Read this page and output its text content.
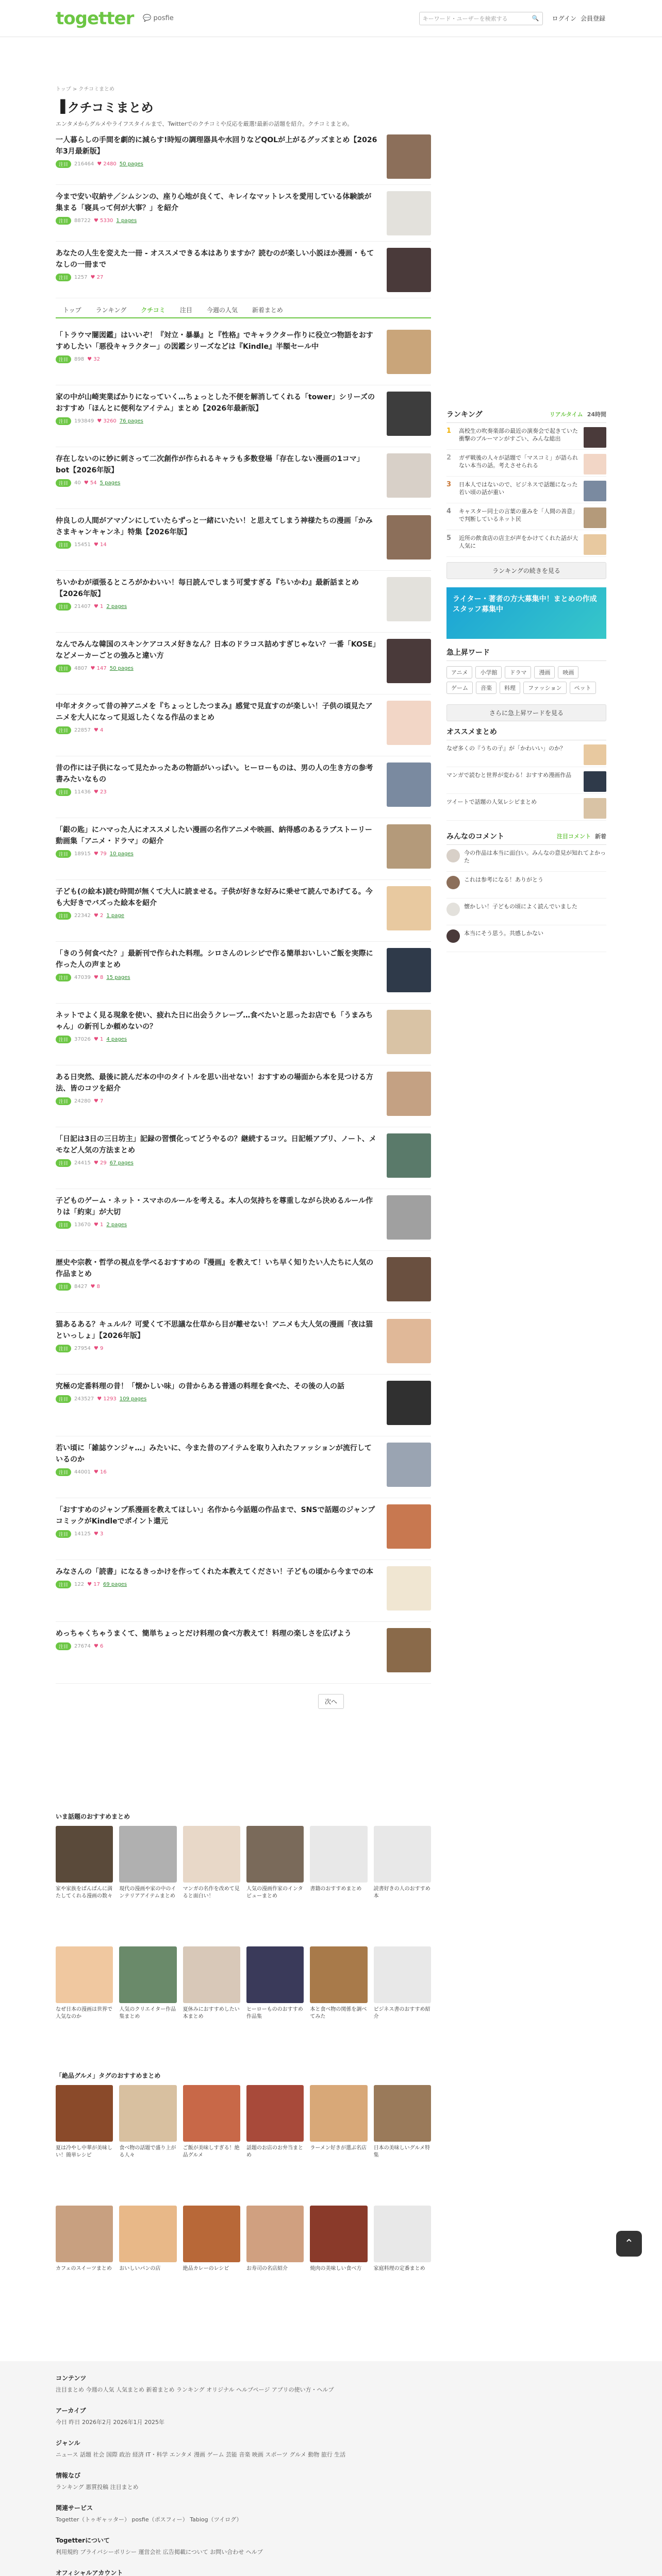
togetter 💬 posfie	キーワード・ユーザーを検索する	🔍 ログイン 会員登録
トップ > クチコミまとめ
▐ クチコミまとめ
エンタメからグルメやライフスタイルまで、Twitterでのクチコミや反応を厳選!最新の話題を紹介。クチコミまとめ。
一人暮らしの手間を劇的に減らす!時短の調理器具や水回りなどQOLが上がるグッズまとめ【2026年3月最新版】
注目	216464 ♥ 2480 50 pages
今まで安い収納サ／シムシンの、座り心地が良くて、キレイなマットレスを愛用している体験談が集まる「寝具って何が大事？」を紹介
注目	88722 ♥ 5330 1 pages
あなたの人生を変えた一冊 - オススメできる本はありますか？読むのが楽しい小説ほか漫画・もてなしの一冊まで
注目	1257 ♥ 27
トップ	ランキング	クチコミ	注目	今週の人気	新着まとめ
「トラウマ闇図鑑」はいいぞ！『対立・暴暴』と『性格』でキャラクター作りに役立つ物語をおすすめしたい「悪役キャラクター」の図鑑シリーズなどは『Kindle』半額セール中
注目	898 ♥ 32
家の中が山崎実業ばかりになっていく…ちょっとした不便を解消してくれる「tower」シリーズのおすすめ「ほんとに便利なアイテム」まとめ【2026年最新版】
注目	193849 ♥ 3260 76 pages
存在しないのに妙に刺さって二次創作が作られるキャラも多数登場「存在しない漫画の1コマ」bot【2026年版】
注目	40 ♥ 54 5 pages
仲良しの人間がアマゾンにしていたらずっと一緒にいたい！と思えてしまう神様たちの漫画「かみさまキャンキャンネ」特集【2026年版】
注目	15451 ♥ 14
ちいかわが頑張るところがかわいい！毎日読んでしまう可愛すぎる『ちいかわ』最新話まとめ【2026年版】
注目	21407 ♥ 1 2 pages
なんでみんな韓国のスキンケアコスメ好きなん？日本のドラコス詰めすぎじゃない？一番「KOSE」などメーカーごとの強みと違い方
注目	4807 ♥ 147 50 pages
中年オタクって昔の神アニメを『ちょっとしたつまみ』感覚で見直すのが楽しい！子供の頃見たアニメを大人になって見返したくなる作品のまとめ
注目	22857 ♥ 4
昔の作には子供になって見たかったあの物語がいっぱい。ヒーローものは、男の人の生き方の参考書みたいなもの
注目	11436 ♥ 23
「銀の匙」にハマった人にオススメしたい漫画の名作アニメや映画、納得感のあるラブストーリー動画集「アニメ・ドラマ」の紹介
注目	18915 ♥ 79 10 pages
子ども(の絵本)読む時間が無くて大人に読ませる。子供が好きな好みに乗せて読んであげてる。今も大好きでバズった絵本を紹介
注目	22342 ♥ 2 1 page
「きのう何食べた？」最新刊で作られた料理。シロさんのレシピで作る簡単おいしいご飯を実際に作った人の声まとめ
注目	47039 ♥ 8 15 pages
ネットでよく見る現象を使い、疲れた日に出会うクレープ…食べたいと思ったお店でも「うまみちゃん」の新刊しか頼めないの？
注目	37026 ♥ 1 4 pages
ある日突然、最後に読んだ本の中のタイトルを思い出せない！おすすめの場面から本を見つける方法、皆のコツを紹介
注目	24280 ♥ 7
「日記は3日の三日坊主」記録の習慣化ってどうやるの？継続するコツ。日記帳アプリ、ノート、メモなど人気の方法まとめ
注目	24415 ♥ 29 67 pages
子どものゲーム・ネット・スマホのルールを考える。本人の気持ちを尊重しながら決めるルール作りは「約束」が大切
注目	13670 ♥ 1 2 pages
歴史や宗教・哲学の視点を学べるおすすめの『漫画』を教えて！いち早く知りたい人たちに人気の作品まとめ
注目	8427 ♥ 8
猫あるある？キュルル？可愛くて不思議な仕草から目が離せない！アニメも大人気の漫画「夜は猫といっしょ」【2026年版】
注目	27954 ♥ 9
究極の定番料理の昔！「懐かしい味」の昔からある普通の料理を食べた、その後の人の話
注目	243527 ♥ 1293 109 pages
若い頃に「雑誌ウンジャ…」みたいに、今また昔のアイテムを取り入れたファッションが流行しているのか
注目	44001 ♥ 16
「おすすめのジャンプ系漫画を教えてほしい」名作から今話題の作品まで、SNSで話題のジャンプコミックがKindleでポイント還元
注目	14125 ♥ 3
みなさんの「読書」になるきっかけを作ってくれた本教えてください！子どもの頃から今までの本
注目	122 ♥ 17 69 pages
めっちゃくちゃうまくて、簡単ちょっとだけ料理の食べ方教えて！料理の楽しさを広げよう
注目	27674 ♥ 6
次へ
ランキング	リアルタイム 24時間
1	高校生の吹奏楽部の最近の演奏会で起きていた衝撃のブルーマンがすごい、みんな総出
2	ガザ戦後の人々が話題で「マスコミ」が語られない本当の話。考えさせられる
3	日本人ではないので、ビジネスで話題になった若い頃の話が重い
4	キャスター同士の言葉の重みを「人間の善意」で判断しているネット民
5	近所の飲食店の店主が声をかけてくれた話が大人気に
ランキングの続きを見る
ライター・著者の方大募集中！まとめの作成スタッフ募集中
急上昇ワード
アニメ	小学館	ドラマ	漫画	映画
ゲーム	音楽	料理	ファッション	ペット
さらに急上昇ワードを見る
オススメまとめ
なぜ多くの『うちの子』が「かわいい」のか？
マンガで読むと世界が変わる！おすすめ漫画作品
ツイートで話題の人気レシピまとめ
みんなのコメント	注目コメント 新着
今の作品は本当に面白い。みんなの意見が知れてよかった
これは参考になる！ありがとう
懐かしい！子どもの頃によく読んでいました
本当にそう思う。共感しかない
いま話題のおすすめまとめ

家や家族をぱんぱんに満たしてくれる漫画の数々

現代の漫画や家の中のインテリアアイテムまとめ

マンガの名作を改めて見ると面白い！

人気の漫画作家のインタビューまとめ

書籍のおすすめまとめ	読書好きの人のおすすめ本

なぜ日本の漫画は世界で人気なのか

人気のクリエイター作品集まとめ

夏休みにおすすめしたい本まとめ

ヒーローもののおすすめ作品集

本と食べ物の関係を調べてみた

ビジネス書のおすすめ紹介

「絶品グルメ」タグのおすすめまとめ

夏は冷やし中華が美味しい！簡単レシピ

食べ物の話題で盛り上がる人々

ご飯が美味しすぎる！絶品グルメ

話題のお店のお弁当まとめ

ラーメン好きが選ぶ名店 日本の美味しいグルメ特集

カフェのスイーツまとめ おいしいパンの店	絶品カレーのレシピ	お寿司の名店紹介	焼肉の美味しい食べ方	家庭料理の定番まとめ

⌃
コンテンツ

注目まとめ 今週の人気 人気まとめ 新着まとめ ランキング オリジナル ヘルプページ アプリの使い方・ヘルプ

アーカイブ

今日 昨日 2026年2月 2026年1月 2025年

ジャンル

ニュース 話題 社会 国際 政治 経済 IT・科学 エンタメ 漫画 ゲーム 芸能 音楽 映画 スポーツ グルメ 動物 旅行 生活

情報なび

ランキング 悪質投稿 注目まとめ

関連サービス

Togetter（トゥギャッター） posfie（ポスフィー） Tabiog（ツイログ）

Togetterについて

利用規約 プライバシーポリシー 運営会社 広告掲載について お問い合わせ ヘルプ

オフィシャルアカウント
